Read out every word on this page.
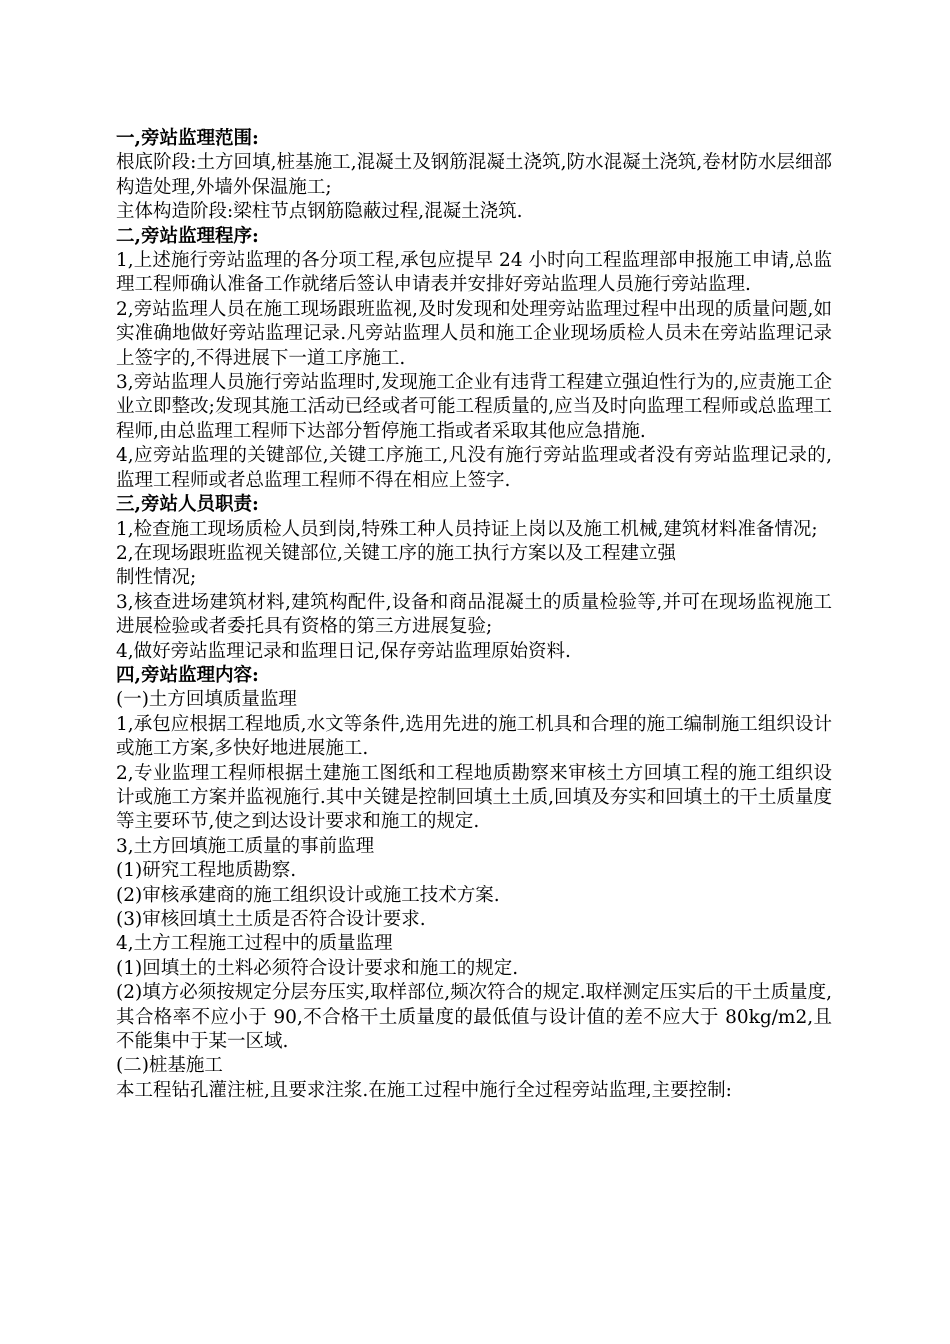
一,旁站监理范围:

根底阶段:土方回填,桩基施工,混凝土及钢筋混凝土浇筑,防水混凝土浇筑,卷材防水层细部构造处理,外墙外保温施工;

主体构造阶段:梁柱节点钢筋隐蔽过程,混凝土浇筑.

二,旁站监理程序:

1,上述施行旁站监理的各分项工程,承包应提早 24 小时向工程监理部申报施工申请,总监理工程师确认准备工作就绪后签认申请表并安排好旁站监理人员施行旁站监理.

2,旁站监理人员在施工现场跟班监视,及时发现和处理旁站监理过程中出现的质量问题,如实准确地做好旁站监理记录.凡旁站监理人员和施工企业现场质检人员未在旁站监理记录上签字的,不得进展下一道工序施工.

3,旁站监理人员施行旁站监理时,发现施工企业有违背工程建立强迫性行为的,应责施工企业立即整改;发现其施工活动已经或者可能工程质量的,应当及时向监理工程师或总监理工程师,由总监理工程师下达部分暂停施工指或者采取其他应急措施.

4,应旁站监理的关键部位,关键工序施工,凡没有施行旁站监理或者没有旁站监理记录的,监理工程师或者总监理工程师不得在相应上签字.

三,旁站人员职责:

1,检查施工现场质检人员到岗,特殊工种人员持证上岗以及施工机械,建筑材料准备情况;

2,在现场跟班监视关键部位,关键工序的施工执行方案以及工程建立强

制性情况;

3,核查进场建筑材料,建筑构配件,设备和商品混凝土的质量检验等,并可在现场监视施工进展检验或者委托具有资格的第三方进展复验;

4,做好旁站监理记录和监理日记,保存旁站监理原始资料.

四,旁站监理内容:

(一)土方回填质量监理

1,承包应根据工程地质,水文等条件,选用先进的施工机具和合理的施工编制施工组织设计或施工方案,多快好地进展施工.

2,专业监理工程师根据土建施工图纸和工程地质勘察来审核土方回填工程的施工组织设计或施工方案并监视施行.其中关键是控制回填土土质,回填及夯实和回填土的干土质量度等主要环节,使之到达设计要求和施工的规定.

3,土方回填施工质量的事前监理

(1)研究工程地质勘察.

(2)审核承建商的施工组织设计或施工技术方案.

(3)审核回填土土质是否符合设计要求.

4,土方工程施工过程中的质量监理

(1)回填土的土料必须符合设计要求和施工的规定.

(2)填方必须按规定分层夯压实,取样部位,频次符合的规定.取样测定压实后的干土质量度,其合格率不应小于 90,不合格干土质量度的最低值与设计值的差不应大于 80kg/m2,且不能集中于某一区域.

(二)桩基施工

本工程钻孔灌注桩,且要求注浆.在施工过程中施行全过程旁站监理,主要控制:
